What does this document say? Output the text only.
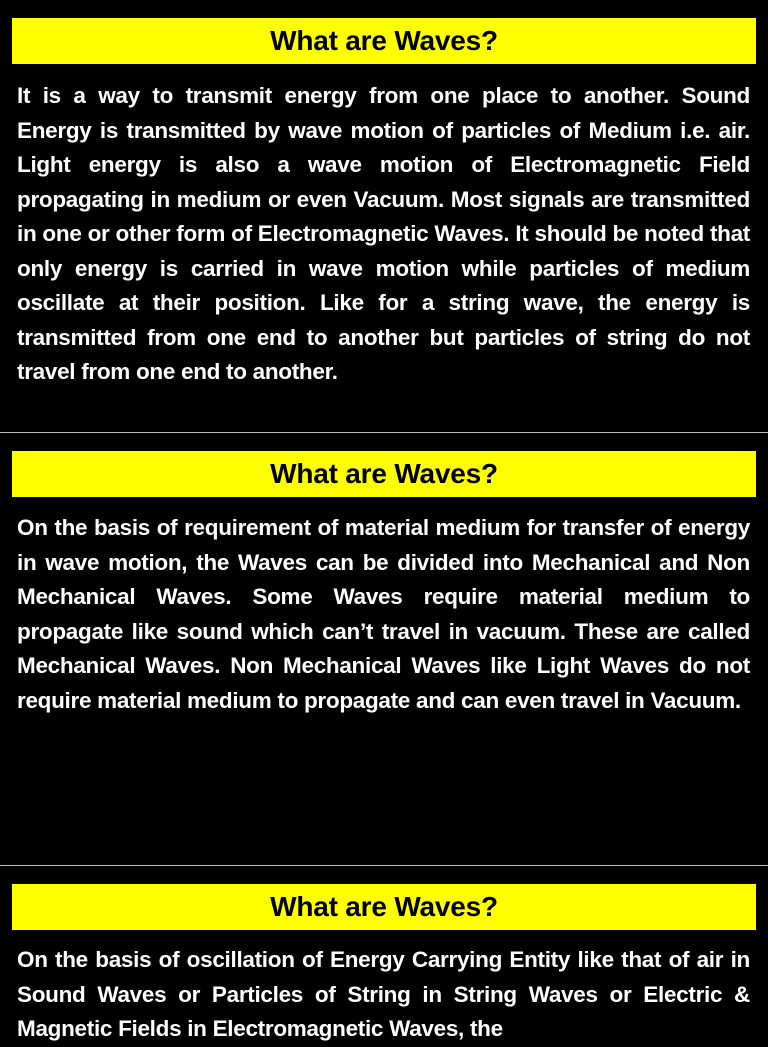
What are Waves?

It is a way to transmit energy from one place to another. Sound Energy is transmitted by wave motion of particles of Medium i.e. air. Light energy is also a wave motion of Electromagnetic Field propagating in medium or even Vacuum. Most signals are transmitted in one or other form of Electromagnetic Waves. It should be noted that only energy is carried in wave motion while particles of medium oscillate at their position. Like for a string wave, the energy is transmitted from one end to another but particles of string do not travel from one end to another.

What are Waves?

On the basis of requirement of material medium for transfer of energy in wave motion, the Waves can be divided into Mechanical and Non Mechanical Waves. Some Waves require material medium to propagate like sound which can’t travel in vacuum. These are called Mechanical Waves. Non Mechanical Waves like Light Waves do not require material medium to propagate and can even travel in Vacuum.

What are Waves?

On the basis of oscillation of Energy Carrying Entity like that of air in Sound Waves or Particles of String in String Waves or Electric & Magnetic Fields in Electromagnetic Waves, the
